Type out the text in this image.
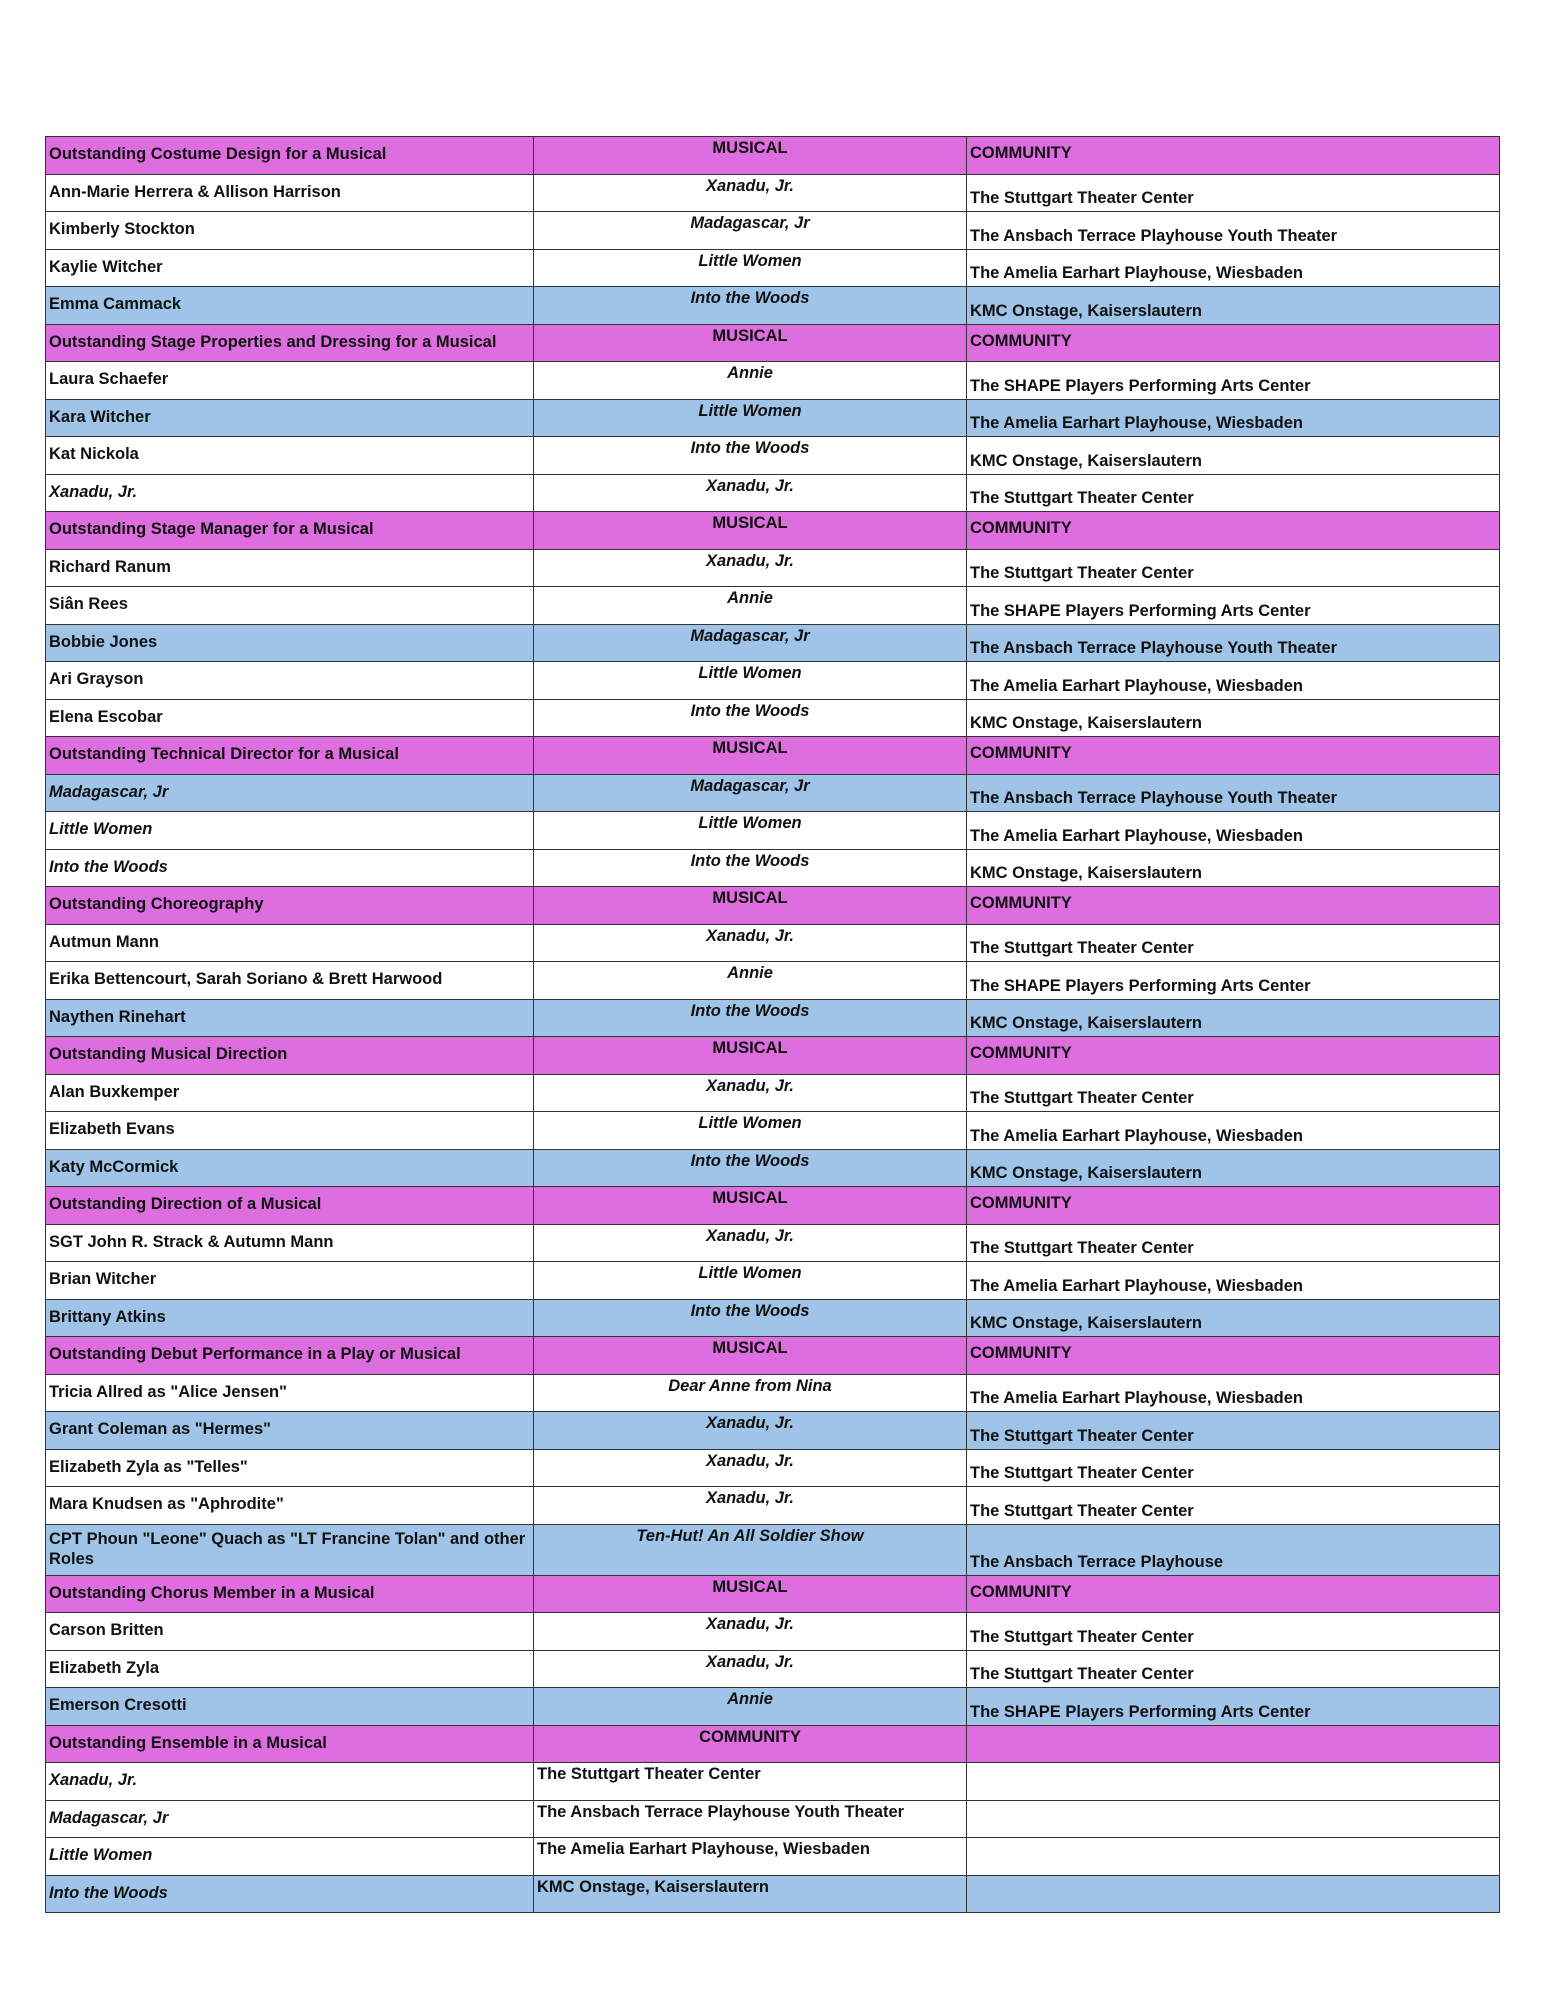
Outstanding Costume Design for a Musical	MUSICAL	COMMUNITY
Ann-Marie Herrera & Allison Harrison	Xanadu, Jr.	The Stuttgart Theater Center
Kimberly Stockton	Madagascar, Jr	The Ansbach Terrace Playhouse Youth Theater
Kaylie Witcher	Little Women	The Amelia Earhart Playhouse, Wiesbaden
Emma Cammack	Into the Woods	KMC Onstage, Kaiserslautern
Outstanding Stage Properties and Dressing for a Musical	MUSICAL	COMMUNITY
Laura Schaefer	Annie	The SHAPE Players Performing Arts Center
Kara Witcher	Little Women	The Amelia Earhart Playhouse, Wiesbaden
Kat Nickola	Into the Woods	KMC Onstage, Kaiserslautern
Xanadu, Jr.	Xanadu, Jr.	The Stuttgart Theater Center
Outstanding Stage Manager for a Musical	MUSICAL	COMMUNITY
Richard Ranum	Xanadu, Jr.	The Stuttgart Theater Center
Siân Rees	Annie	The SHAPE Players Performing Arts Center
Bobbie Jones	Madagascar, Jr	The Ansbach Terrace Playhouse Youth Theater
Ari Grayson	Little Women	The Amelia Earhart Playhouse, Wiesbaden
Elena Escobar	Into the Woods	KMC Onstage, Kaiserslautern
Outstanding Technical Director for a Musical	MUSICAL	COMMUNITY
Madagascar, Jr	Madagascar, Jr	The Ansbach Terrace Playhouse Youth Theater
Little Women	Little Women	The Amelia Earhart Playhouse, Wiesbaden
Into the Woods	Into the Woods	KMC Onstage, Kaiserslautern
Outstanding Choreography	MUSICAL	COMMUNITY
Autmun Mann	Xanadu, Jr.	The Stuttgart Theater Center
Erika Bettencourt, Sarah Soriano & Brett Harwood	Annie	The SHAPE Players Performing Arts Center
Naythen Rinehart	Into the Woods	KMC Onstage, Kaiserslautern
Outstanding Musical Direction	MUSICAL	COMMUNITY
Alan Buxkemper	Xanadu, Jr.	The Stuttgart Theater Center
Elizabeth Evans	Little Women	The Amelia Earhart Playhouse, Wiesbaden
Katy McCormick	Into the Woods	KMC Onstage, Kaiserslautern
Outstanding Direction of a Musical	MUSICAL	COMMUNITY
SGT John R. Strack & Autumn Mann	Xanadu, Jr.	The Stuttgart Theater Center
Brian Witcher	Little Women	The Amelia Earhart Playhouse, Wiesbaden
Brittany Atkins	Into the Woods	KMC Onstage, Kaiserslautern
Outstanding Debut Performance in a Play or Musical	MUSICAL	COMMUNITY
Tricia Allred as "Alice Jensen"	Dear Anne from Nina	The Amelia Earhart Playhouse, Wiesbaden
Grant Coleman as "Hermes"	Xanadu, Jr.	The Stuttgart Theater Center
Elizabeth Zyla as "Telles"	Xanadu, Jr.	The Stuttgart Theater Center
Mara Knudsen as "Aphrodite"	Xanadu, Jr.	The Stuttgart Theater Center
CPT Phoun "Leone" Quach as "LT Francine Tolan" and other Roles	Ten-Hut! An All Soldier Show	The Ansbach Terrace Playhouse
Outstanding Chorus Member in a Musical	MUSICAL	COMMUNITY
Carson Britten	Xanadu, Jr.	The Stuttgart Theater Center
Elizabeth Zyla	Xanadu, Jr.	The Stuttgart Theater Center
Emerson Cresotti	Annie	The SHAPE Players Performing Arts Center
Outstanding Ensemble in a Musical	COMMUNITY	
Xanadu, Jr.	The Stuttgart Theater Center	
Madagascar, Jr	The Ansbach Terrace Playhouse Youth Theater	
Little Women	The Amelia Earhart Playhouse, Wiesbaden	
Into the Woods	KMC Onstage, Kaiserslautern	
